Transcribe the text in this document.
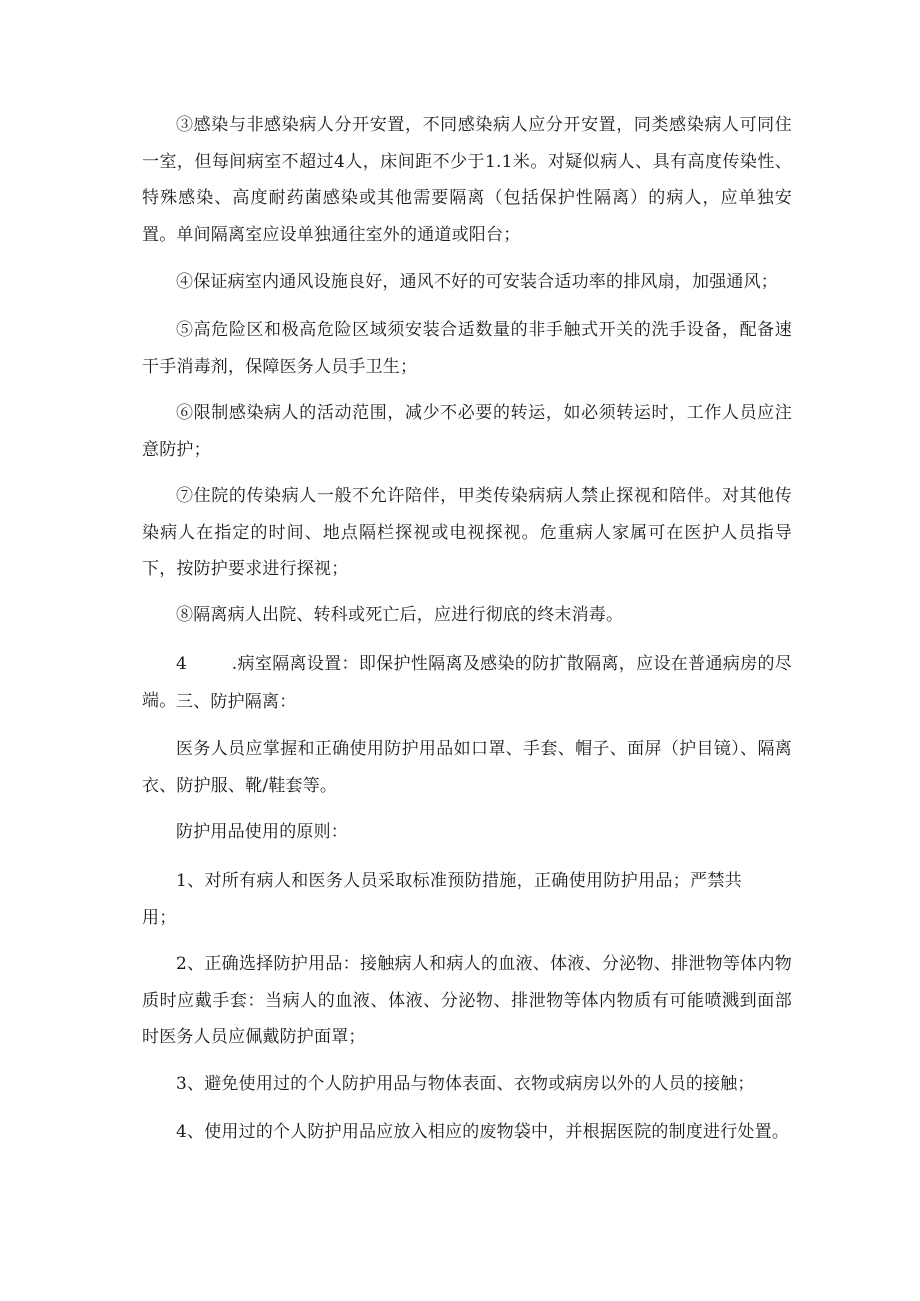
③感染与非感染病人分开安置，不同感染病人应分开安置，同类感染病人可同住一室，但每间病室不超过4人，床间距不少于1.1米。对疑似病人、具有高度传染性、特殊感染、高度耐药菌感染或其他需要隔离（包括保护性隔离）的病人，应单独安置。单间隔离室应设单独通往室外的通道或阳台；

④保证病室内通风设施良好，通风不好的可安装合适功率的排风扇，加强通风；

⑤高危险区和极高危险区域须安装合适数量的非手触式开关的洗手设备，配备速干手消毒剂，保障医务人员手卫生；

⑥限制感染病人的活动范围，减少不必要的转运，如必须转运时，工作人员应注意防护；

⑦住院的传染病人一般不允许陪伴，甲类传染病病人禁止探视和陪伴。对其他传染病人在指定的时间、地点隔栏探视或电视探视。危重病人家属可在医护人员指导下，按防护要求进行探视；

⑧隔离病人出院、转科或死亡后，应进行彻底的终末消毒。

4	.病室隔离设置：即保护性隔离及感染的防扩散隔离，应设在普通病房的尽端。 三、防护隔离：

医务人员应掌握和正确使用防护用品如口罩、手套、帽子、面屏（护目镜）、隔离衣、防护服、靴/鞋套等。

防护用品使用的原则：

1、对所有病人和医务人员采取标准预防措施，正确使用防护用品；严禁共用；

2、正确选择防护用品：接触病人和病人的血液、体液、分泌物、排泄物等体内物质时应戴手套：当病人的血液、体液、分泌物、排泄物等体内物质有可能喷溅到面部时医务人员应佩戴防护面罩；

3、避免使用过的个人防护用品与物体表面、衣物或病房以外的人员的接触；

4、使用过的个人防护用品应放入相应的废物袋中，并根据医院的制度进行处置。
